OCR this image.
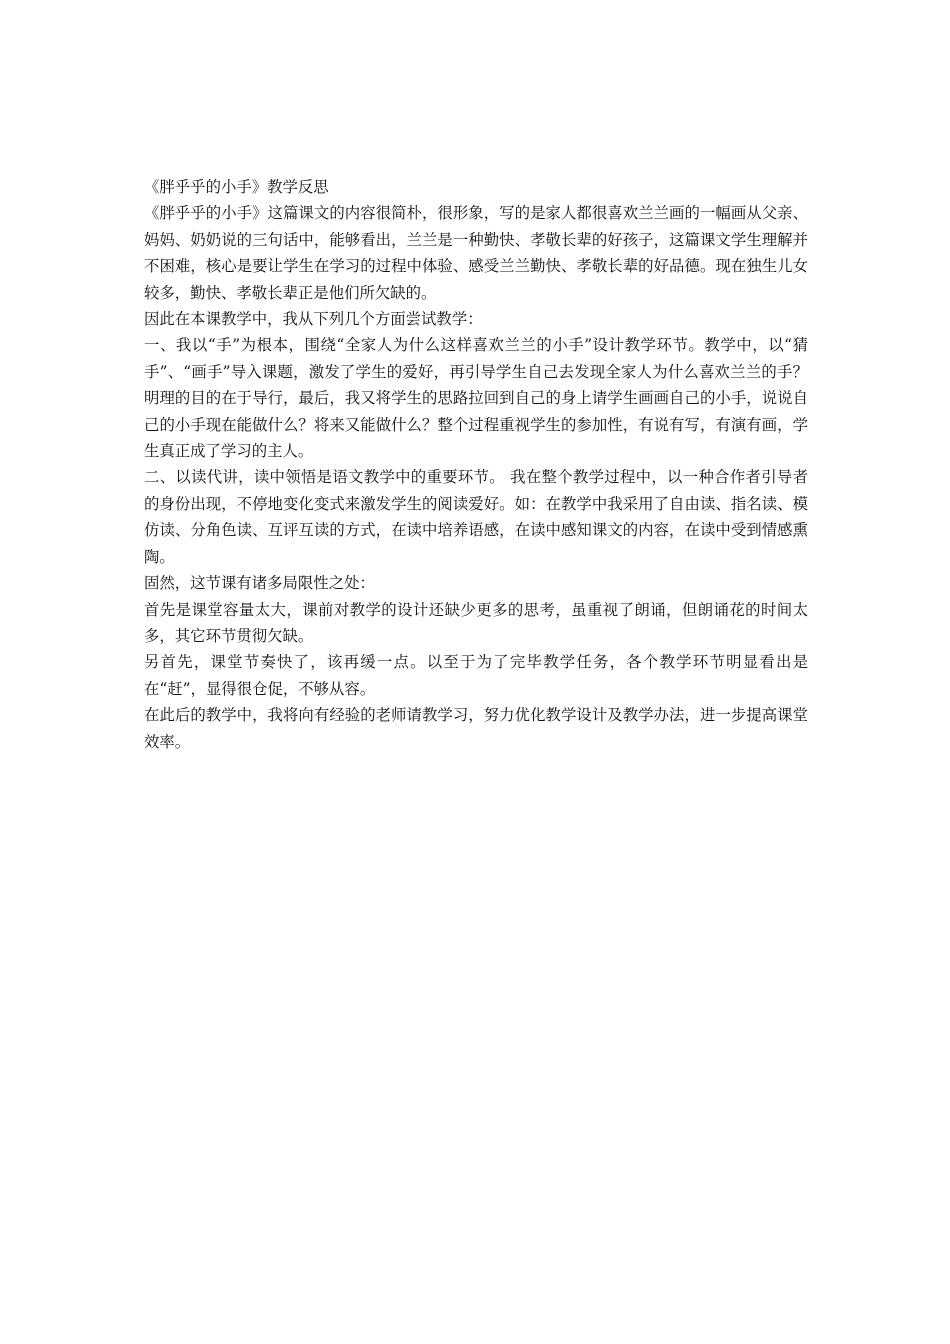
《胖乎乎的小手》教学反思

《胖乎乎的小手》这篇课文的内容很简朴，很形象，写的是家人都很喜欢兰兰画的一幅画从父亲、妈妈、奶奶说的三句话中，能够看出，兰兰是一种勤快、孝敬长辈的好孩子，这篇课文学生理解并不困难，核心是要让学生在学习的过程中体验、感受兰兰勤快、孝敬长辈的好品德。现在独生儿女较多，勤快、孝敬长辈正是他们所欠缺的。

因此在本课教学中，我从下列几个方面尝试教学：

一、我以“手”为根本，围绕“全家人为什么这样喜欢兰兰的小手”设计教学环节。教学中，以“猜手”、“画手”导入课题，激发了学生的爱好，再引导学生自己去发现全家人为什么喜欢兰兰的手？明理的目的在于导行，最后，我又将学生的思路拉回到自己的身上请学生画画自己的小手，说说自己的小手现在能做什么？将来又能做什么？整个过程重视学生的参加性，有说有写，有演有画，学生真正成了学习的主人。

二、以读代讲，读中领悟是语文教学中的重要环节。 我在整个教学过程中，以一种合作者引导者的身份出现，不停地变化变式来激发学生的阅读爱好。如：在教学中我采用了自由读、指名读、模仿读、分角色读、互评互读的方式，在读中培养语感，在读中感知课文的内容，在读中受到情感熏陶。

固然，这节课有诸多局限性之处：

首先是课堂容量太大，课前对教学的设计还缺少更多的思考，虽重视了朗诵，但朗诵花的时间太多，其它环节贯彻欠缺。

另首先，课堂节奏快了，该再缓一点。以至于为了完毕教学任务，各个教学环节明显看出是在“赶”，显得很仓促，不够从容。

在此后的教学中，我将向有经验的老师请教学习，努力优化教学设计及教学办法，进一步提高课堂效率。
